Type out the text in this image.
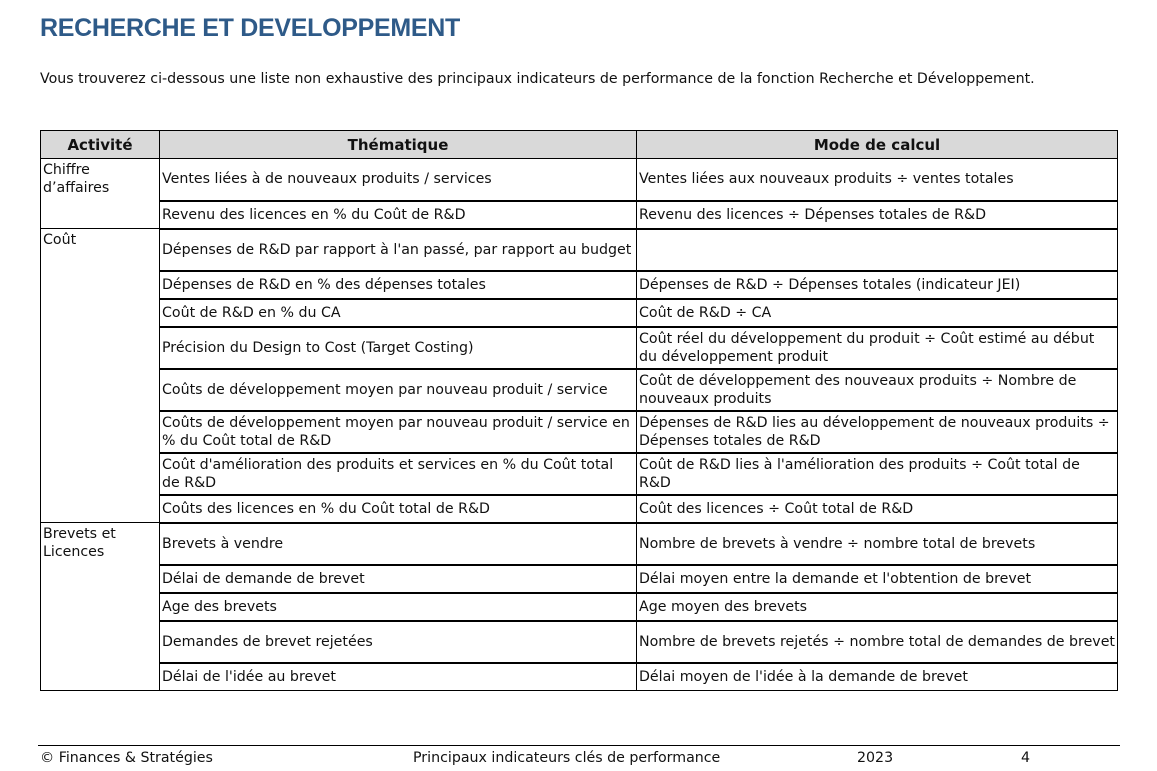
RECHERCHE ET DEVELOPPEMENT

Vous trouverez ci-dessous une liste non exhaustive des principaux indicateurs de performance de la fonction Recherche et Développement.

Activité	Thématique	Mode de calcul
Chiffre d’affaires	Ventes liées à de nouveaux produits / services	Ventes liées aux nouveaux produits ÷ ventes totales
	Revenu des licences en % du Coût de R&D	Revenu des licences ÷ Dépenses totales de R&D
Coût	Dépenses de R&D par rapport à l'an passé, par rapport au budget	
	Dépenses de R&D en % des dépenses totales	Dépenses de R&D ÷ Dépenses totales (indicateur JEI)
	Coût de R&D en % du CA	Coût de R&D ÷ CA
	Précision du Design to Cost (Target Costing)	Coût réel du développement du produit ÷ Coût estimé au début du développement produit
	Coûts de développement moyen par nouveau produit / service	Coût de développement des nouveaux produits ÷ Nombre de nouveaux produits
	Coûts de développement moyen par nouveau produit / service en % du Coût total de R&D	Dépenses de R&D lies au développement de nouveaux produits ÷ Dépenses totales de R&D
	Coût d'amélioration des produits et services en % du Coût total de R&D	Coût de R&D lies à l'amélioration des produits ÷ Coût total de R&D
	Coûts des licences en % du Coût total de R&D	Coût des licences ÷ Coût total de R&D
Brevets et Licences	Brevets à vendre	Nombre de brevets à vendre ÷ nombre total de brevets
	Délai de demande de brevet	Délai moyen entre la demande et l'obtention de brevet
	Age des brevets	Age moyen des brevets
	Demandes de brevet rejetées	Nombre de brevets rejetés ÷ nombre total de demandes de brevet
	Délai de l'idée au brevet	Délai moyen de l'idée à la demande de brevet
© Finances & Stratégies	Principaux indicateurs clés de performance	2023	4
